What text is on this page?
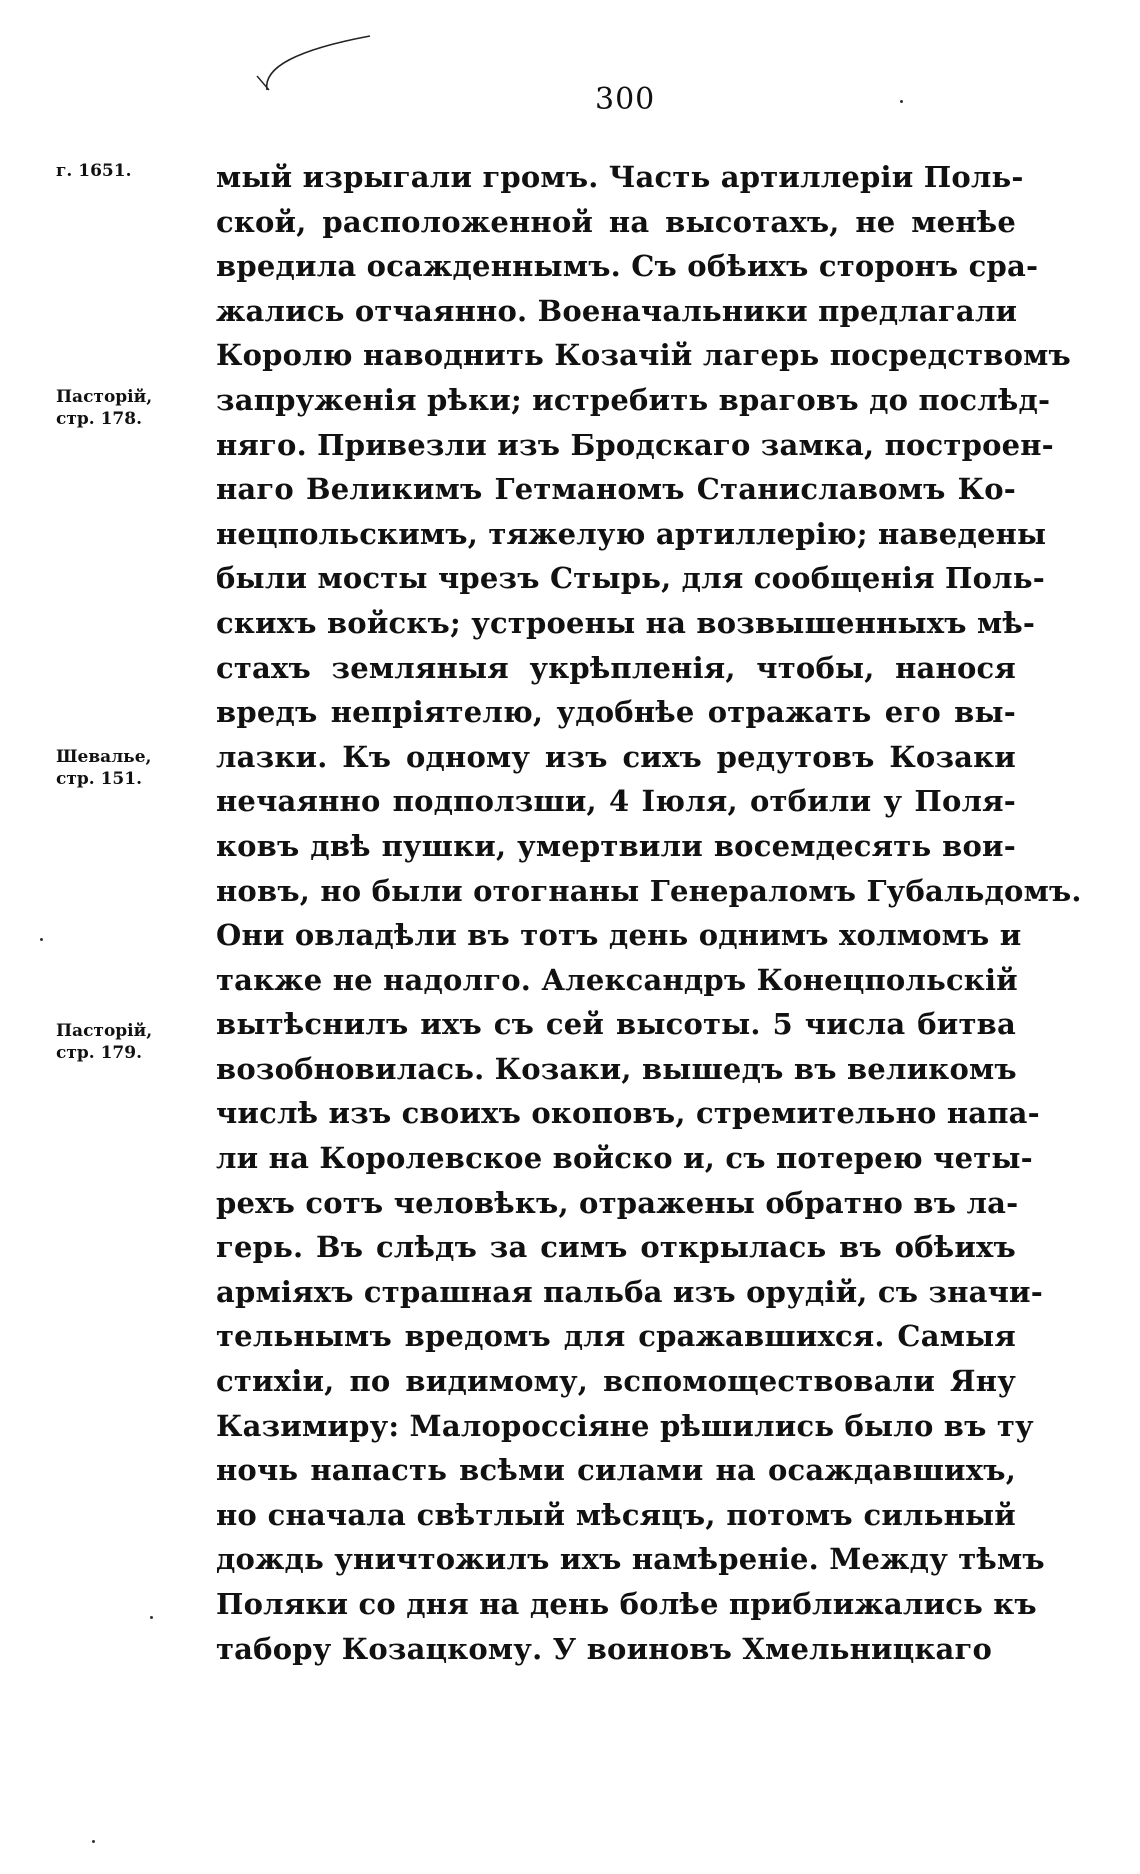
300
г. 1651.
Пасторій,
стр. 178.
Шевалье,
стр. 151.
Пасторій,
стр. 179.
мый изрыгали громъ. Часть артиллеріи Поль-
ской, расположенной на высотахъ, не менѣе
вредила осажденнымъ. Съ обѣихъ сторонъ сра-
жались отчаянно. Военачальники предлагали
Королю наводнить Козачій лагерь посредствомъ
запруженія рѣки; истребить враговъ до послѣд-
няго. Привезли изъ Бродскаго замка, построен-
наго Великимъ Гетманомъ Станиславомъ Ко-
нецпольскимъ, тяжелую артиллерію; наведены
были мосты чрезъ Стырь, для сообщенія Поль-
скихъ войскъ; устроены на возвышенныхъ мѣ-
стахъ земляныя укрѣпленія, чтобы, нанося
вредъ непріятелю, удобнѣе отражать его вы-
лазки. Къ одному изъ сихъ редутовъ Козаки
нечаянно подползши, 4 Іюля, отбили у Поля-
ковъ двѣ пушки, умертвили восемдесять вои-
новъ, но были отогнаны Генераломъ Губальдомъ.
Они овладѣли въ тотъ день однимъ холмомъ и
также не надолго. Александръ Конецпольскій
вытѣснилъ ихъ съ сей высоты. 5 числа битва
возобновилась. Козаки, вышедъ въ великомъ
числѣ изъ своихъ окоповъ, стремительно напа-
ли на Королевское войско и, съ потерею четы-
рехъ сотъ человѣкъ, отражены обратно въ ла-
герь. Въ слѣдъ за симъ открылась въ обѣихъ
арміяхъ страшная пальба изъ орудій, съ значи-
тельнымъ вредомъ для сражавшихся. Самыя
стихіи, по видимому, вспомоществовали Яну
Казимиру: Малороссіяне рѣшились было въ ту
ночь напасть всѣми силами на осаждавшихъ,
но сначала свѣтлый мѣсяцъ, потомъ сильный
дождь уничтожилъ ихъ намѣреніе. Между тѣмъ
Поляки со дня на день болѣе приближались къ
табору Козацкому. У воиновъ Хмельницкаго
